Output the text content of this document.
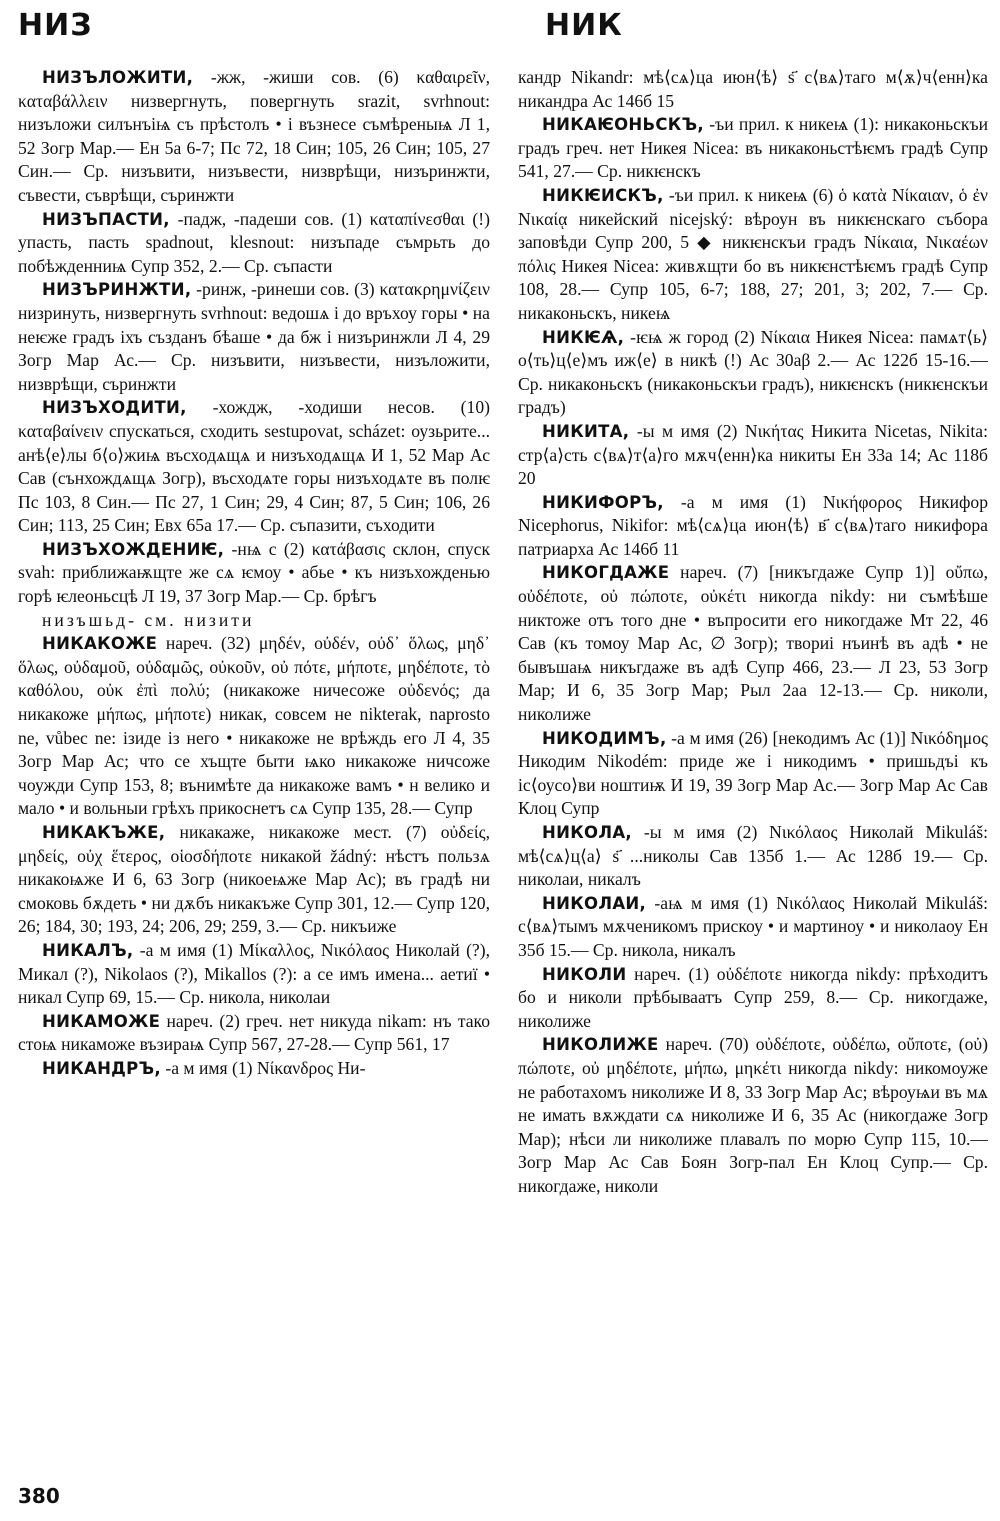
НИЗ	НИК

НИЗЪЛОЖИТИ, -жж, -жиши сов. (6) καθαιρεῖν, καταβάλλειν низвергнуть, повергнуть srazit, svrhnout: низъложи силънъіѩ съ прѣстолъ • і възнесе съмѣреныѩ Л 1, 52 Зогр Мар.— Ен 5а 6-7; Пс 72, 18 Син; 105, 26 Син; 105, 27 Син.— Ср. низъвити, низъвести, низврѣщи, низъринжти, съвести, съврѣщи, съринжти

НИЗЪПАСТИ, -падж, -падеши сов. (1) καταπίνεσθαι (!) упасть, пасть spadnout, klesnout: низъпаде съмрьть до побѣжденниѩ Супр 352, 2.— Ср. съпасти

НИЗЪРИНЖТИ, -ринж, -ринеши сов. (3) κατακρημνίζειν низринуть, низвергнуть svrhnout: ведошѧ і до връхоу горы • на неѥже градъ іхъ създанъ бѣаше • да бж і низъринжли Л 4, 29 Зогр Мар Ас.— Ср. низъвити, низъвести, низъложити, низврѣщи, съринжти

НИЗЪХОДИТИ, -хождж, -ходиши несов. (10) καταβαίνειν спускаться, сходить sestupovat, scházet: оузьрите... анѣ⟨е⟩лы б⟨о⟩жиѩ въсходѧщѧ и низъходѧщѧ И 1, 52 Мар Ас Сав (сънхождѧщѧ Зогр), въсходѧте горы низъходѧте въ полѥ Пс 103, 8 Син.— Пс 27, 1 Син; 29, 4 Син; 87, 5 Син; 106, 26 Син; 113, 25 Син; Евх 65а 17.— Ср. съпазити, съходити

НИЗЪХОЖДЕНИѤ, -нѩ с (2) κατάβασις склон, спуск svah: приближаѭщте же сѧ ѥмоу • абье • къ низъхожденью горѣ ѥлеоньсцѣ Л 19, 37 Зогр Мар.— Ср. брѣгъ

низъшьд- см. низити

НИКАКОЖЕ нареч. (32) μηδέν, οὐδέν, οὐδ᾽ ὅλως, μηδ᾽ ὅλως, οὐδαμοῦ, οὐδαμῶς, οὐκοῦν, οὐ πότε, μήποτε, μηδέποτε, τὸ καθόλου, οὐκ ἐπὶ πολύ; (никакоже ничесоже οὐδενός; да никакоже μήπως, μήποτε) никак, совсем не nikterak, naprosto ne, vůbec ne: ізиде із него • никакоже не врѣждь его Л 4, 35 Зогр Мар Ас; что се хъщте быти ѩко никакоже ничсоже чоужди Супр 153, 8; вънимѣте да никакоже вамъ • н велико и мало • и вольныи грѣхъ прикоснетъ сѧ Супр 135, 28.— Супр

НИКАКЪЖЕ, никакаже, никакоже мест. (7) οὐδείς, μηδείς, οὐχ ἕτερος, οἱοσδήποτε никакой žádný: нѣстъ пользѧ никакоѩже И 6, 63 Зогр (никоеѩже Мар Ас); въ градѣ ни смоковь бѫдеть • ни дѫбъ никакъже Супр 301, 12.— Супр 120, 26; 184, 30; 193, 24; 206, 29; 259, 3.— Ср. никъиже

НИКАЛЪ, -а м имя (1) Μίκαλλος, Νικόλαος Николай (?), Микал (?), Nikolaos (?), Mikallos (?): а се имъ имена... аетиї • никал Супр 69, 15.— Ср. никола, николаи

НИКАМОЖЕ нареч. (2) греч. нет никуда nikam: нъ тако стоѩ никаможе възираѩ Супр 567, 27-28.— Супр 561, 17

НИКАНДРЪ, -а м имя (1) Νίκανδρος Ни-

кандр Nikandr: мѣ⟨сѧ⟩ца июн⟨ѣ⟩ ѕ҃ с⟨вѧ⟩таго м⟨ѫ⟩ч⟨енн⟩ка никандра Ас 146б 15

НИКАѤОНЬСКЪ, -ъи прил. к никеѩ (1): никаконьскъи градъ греч. нет Никея Nicea: въ никаконьстѣѥмъ градѣ Супр 541, 27.— Ср. никѥнскъ

НИКѤИСКЪ, -ъи прил. к никеѩ (6) ὁ κατὰ Νίκαιαν, ὁ ἐν Νικαίᾳ никейский nicejský: вѣроун въ никѥнскаго събора заповѣди Супр 200, 5 ◆ никѥнскъи градъ Νίκαια, Νικαέων πόλις Никея Nicea: живѫщти бо въ никѥнстѣѥмъ градѣ Супр 108, 28.— Супр 105, 6-7; 188, 27; 201, 3; 202, 7.— Ср. никаконьскъ, никеѩ

НИКѤѦ, -ѥѩ ж город (2) Νίκαια Никея Nicea: памѧт⟨ь⟩ о⟨ть⟩ц⟨е⟩мъ иж⟨е⟩ в никѣ (!) Ас 30аβ 2.— Ас 122б 15-16.— Ср. никаконьскъ (никаконьскъи градъ), никѥнскъ (никѥнскъи градъ)

НИКИТА, -ы м имя (2) Νικήτας Никита Nicetas, Nikita: стр⟨а⟩сть с⟨вѧ⟩т⟨а⟩го мѫч⟨енн⟩ка никиты Ен 33а 14; Ас 118б 20

НИКИФОРЪ, -а м имя (1) Νικήφορος Никифор Nicephorus, Nikifor: мѣ⟨сѧ⟩ца июн⟨ѣ⟩ в҃ с⟨вѧ⟩таго никифора патриарха Ас 146б 11

НИКОГДАЖЕ нареч. (7) [никъгдаже Супр 1)] οὔπω, οὐδέποτε, οὐ πώποτε, οὐκέτι никогда nikdy: ни съмѣѣше никтоже отъ того дне • въпросити его никогдаже Мт 22, 46 Сав (къ томоу Мар Ас, ∅ Зогр); твориі нъинѣ въ адѣ • не бывъшаѩ никъгдаже въ адѣ Супр 466, 23.— Л 23, 53 Зогр Мар; И 6, 35 Зогр Мар; Рыл 2аа 12-13.— Ср. николи, николиже

НИКОДИМЪ, -а м имя (26) [некодимъ Ас (1)] Νικόδημος Никодим Nikodém: приде же і никодимъ • пришьдъі къ іс⟨оусо⟩ви ноштиѭ И 19, 39 Зогр Мар Ас.— Зогр Мар Ас Сав Клоц Супр

НИКОЛА, -ы м имя (2) Νικόλαος Николай Mikuláš: мѣ⟨сѧ⟩ц⟨а⟩ ѕ҃ ...николы Сав 135б 1.— Ас 128б 19.— Ср. николаи, никалъ

НИКОЛАИ, -аѩ м имя (1) Νικόλαος Николай Mikuláš: с⟨вѧ⟩тымъ мѫченикомъ прискоу • и мартиноу • и николаоу Ен 35б 15.— Ср. никола, никалъ

НИКОЛИ нареч. (1) οὐδέποτε никогда nikdy: прѣходитъ бо и николи прѣбываатъ Супр 259, 8.— Ср. никогдаже, николиже

НИКОЛИЖЕ нареч. (70) οὐδέποτε, οὐδέπω, οὔποτε, (οὐ) πώποτε, οὐ μηδέποτε, μήπω, μηκέτι никогда nikdy: никомоуже не работахомъ николиже И 8, 33 Зогр Мар Ас; вѣроуѩи въ мѧ не имать вѫждати сѧ николиже И 6, 35 Ас (никогдаже Зогр Мар); нѣси ли николиже плавалъ по морю Супр 115, 10.— Зогр Мар Ас Сав Боян Зогр-пал Ен Клоц Супр.— Ср. никогдаже, николи

380
